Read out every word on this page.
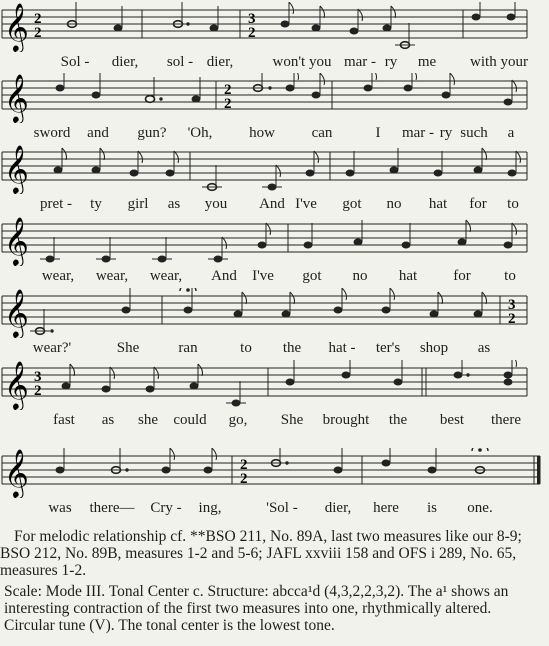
𝄞 2
2
3
2
Sol - dier, sol - dier,	won't you mar - ry me with your
𝄞	2
2
sword and gun? 'Oh, how can	I mar - ry such a
𝄞
pret - ty girl as you And I've got no hat for to
𝄞
wear, wear, wear, And I've got no hat for to
𝄞	3
2
wear?'	She	ran	to the hat - ter's shop as
𝄞 3
2
fast as she could go, She brought the best there
𝄞	2
2
was there— Cry - ing,	'Sol - dier, here is one.

For melodic relationship cf. **BSO 211, No. 89A, last two measures like our 8-9; BSO 212, No. 89B, measures 1-2 and 5-6; JAFL xxviii 158 and OFS i 289, No. 65, measures 1-2.

Scale: Mode III. Tonal Center c. Structure: abcca¹d (4,3,2,2,3,2). The a¹ shows an interesting contraction of the first two measures into one, rhythmically altered. Circular tune (V). The tonal center is the lowest tone.
